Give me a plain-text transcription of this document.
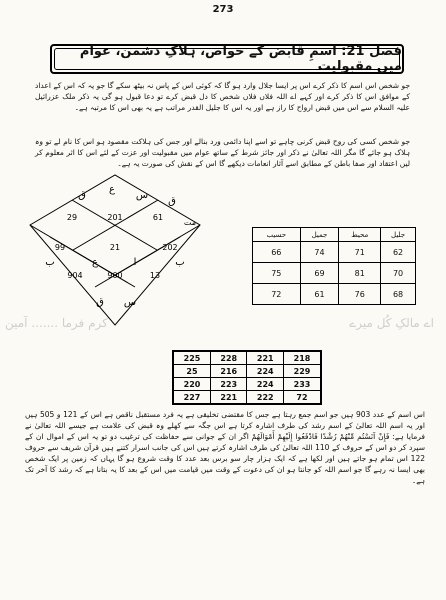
273
فصل 21: اسمِ قابض کے خواص، ہلاکِ دشمن، عوام میں مقبولیت
جو شخص اس اسم کا ذکر کرے اس پر ایسا جلال وارد ہو گا کہ کوئی اس کے پاس نہ بیٹھ سکے گا جو یہ کہ اس کے اعداد کے موافق اس کا ذکر کرے اور کہے اے اللہ فلاں فلاں شخص کا دل قبض کرے تو دعا قبول ہو گی یہ ذکر ملک عزرائیل علیہ السلام سے اس میں قبض ارواح کا راز ہے اور یہ اس کا جلیل القدر مراتب ہے یہ بھی اس کا مرتبہ ہے۔
جو شخص کسی کی روح قبض کرنی چاہے تو اسے اپنا دائمی ورد بنالے اور جس کی ہلاکت مقصود ہو اس کا نام لے تو وہ ہلاک ہو جائے گا مگر اللہ تعالیٰ نے ذکر اور جائز شرط کے ساتھ عوام میں مقبولیت اور عزت کے لئے اس کا اثر معلوم کر لیں اعتقاد اور صفا باطن کے مطابق اسے آثار انعامات دیکھے گا اس کے نقش کی صورت یہ ہے۔
ق
ع
س
ق
29	201	61
مت
99	21	202
904	900	13
ب	ع	ا	ب
ق س
حسیب	جمیل	محیط	جلیل
66	74	71	62
75	69	81	70
72	61	76	68
اے مالکِ کُل میرے
کرم فرما ....... آمین
225	228	221	218
25	216	224	229
220	223	224	233
227	221	222	72
اس اسم کے عدد 903 ہیں جو اسم جمع رہتا ہے جس کا مقتضی تخلیقی ہے یہ فرد مستقبل ناقص ہے اس کے 121 و 505 ہیں اور یہ اسم اللہ تعالیٰ کے اسم رشد کی طرف اشارہ کرتا ہے اس جگہ سے کھلے وہ قبض کی علامت ہے جیسے اللہ تعالیٰ نے فرمایا ہے: فَإِنْ آنَسْتُم مِّنْهُمْ رُشْدًا فَادْفَعُوا إِلَيْهِمْ أَمْوَالَهُمْ اگر ان کے جوانی سے حفاظت کی ترغیب دو تو یہ اس کے اموال ان کے سپرد کر دو اس کے حروف کے 110 اللہ تعالیٰ کی طرف اشارہ کرتے ہیں اس کی جانب اسرار کتنے ہیں قرآن شریف سے حروف 122 اس تمام ہو جاتے ہیں اور لکھا ہے کہ ایک ہزار چار سو برس بعد عدد کا وقت شروع ہو گا یہاں کہ زمین پر ایک شخص بھی ایسا نہ رہے گا جو اسم اللہ کو جانتا ہو ان کی دعوت کے وقت میں قیامت میں اس کے بعد کا یہ بتانا ہے کہ رشد کا آخر تک ہے۔
